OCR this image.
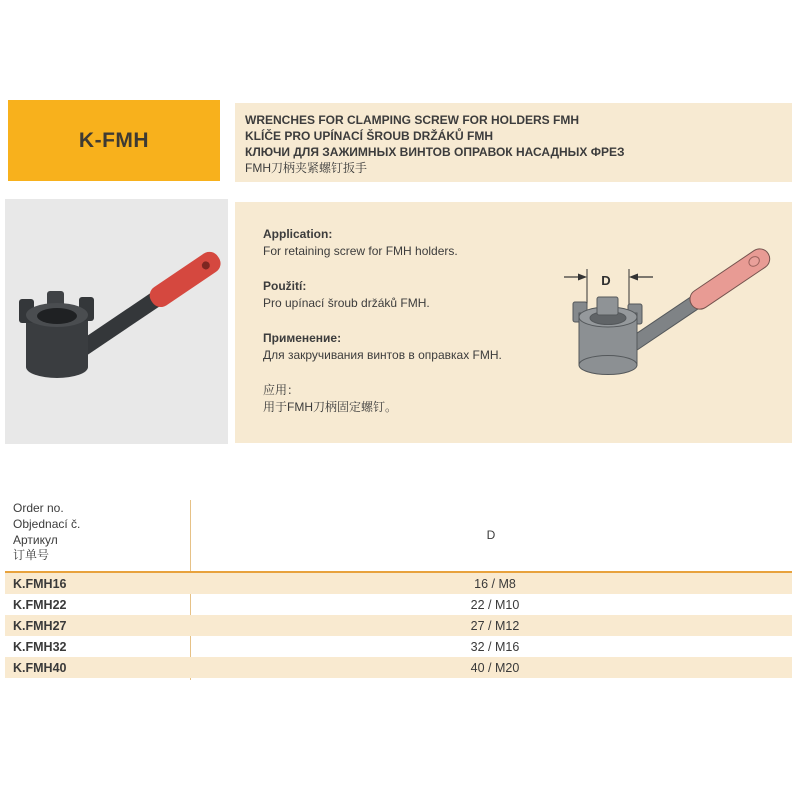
K-FMH
WRENCHES FOR CLAMPING SCREW FOR HOLDERS FMH
KLÍČE PRO UPÍNACÍ ŠROUB DRŽÁKŮ FMH
КЛЮЧИ ДЛЯ ЗАЖИМНЫХ ВИНТОВ ОПРАВОК НАСАДНЫХ ФРЕЗ
FMH刀柄夹紧螺钉扳手
Application:
For retaining screw for FMH holders.
Použití:
Pro upínací šroub držáků FMH.
Применение:
Для закручивания винтов в оправках FMH.
应用：
用于FMH刀柄固定螺钉。
D
Order no.
Objednací č.
Артикул
订单号
D
K.FMH16	16 / M8
K.FMH22	22 / M10
K.FMH27	27 / M12
K.FMH32	32 / M16
K.FMH40	40 / M20
